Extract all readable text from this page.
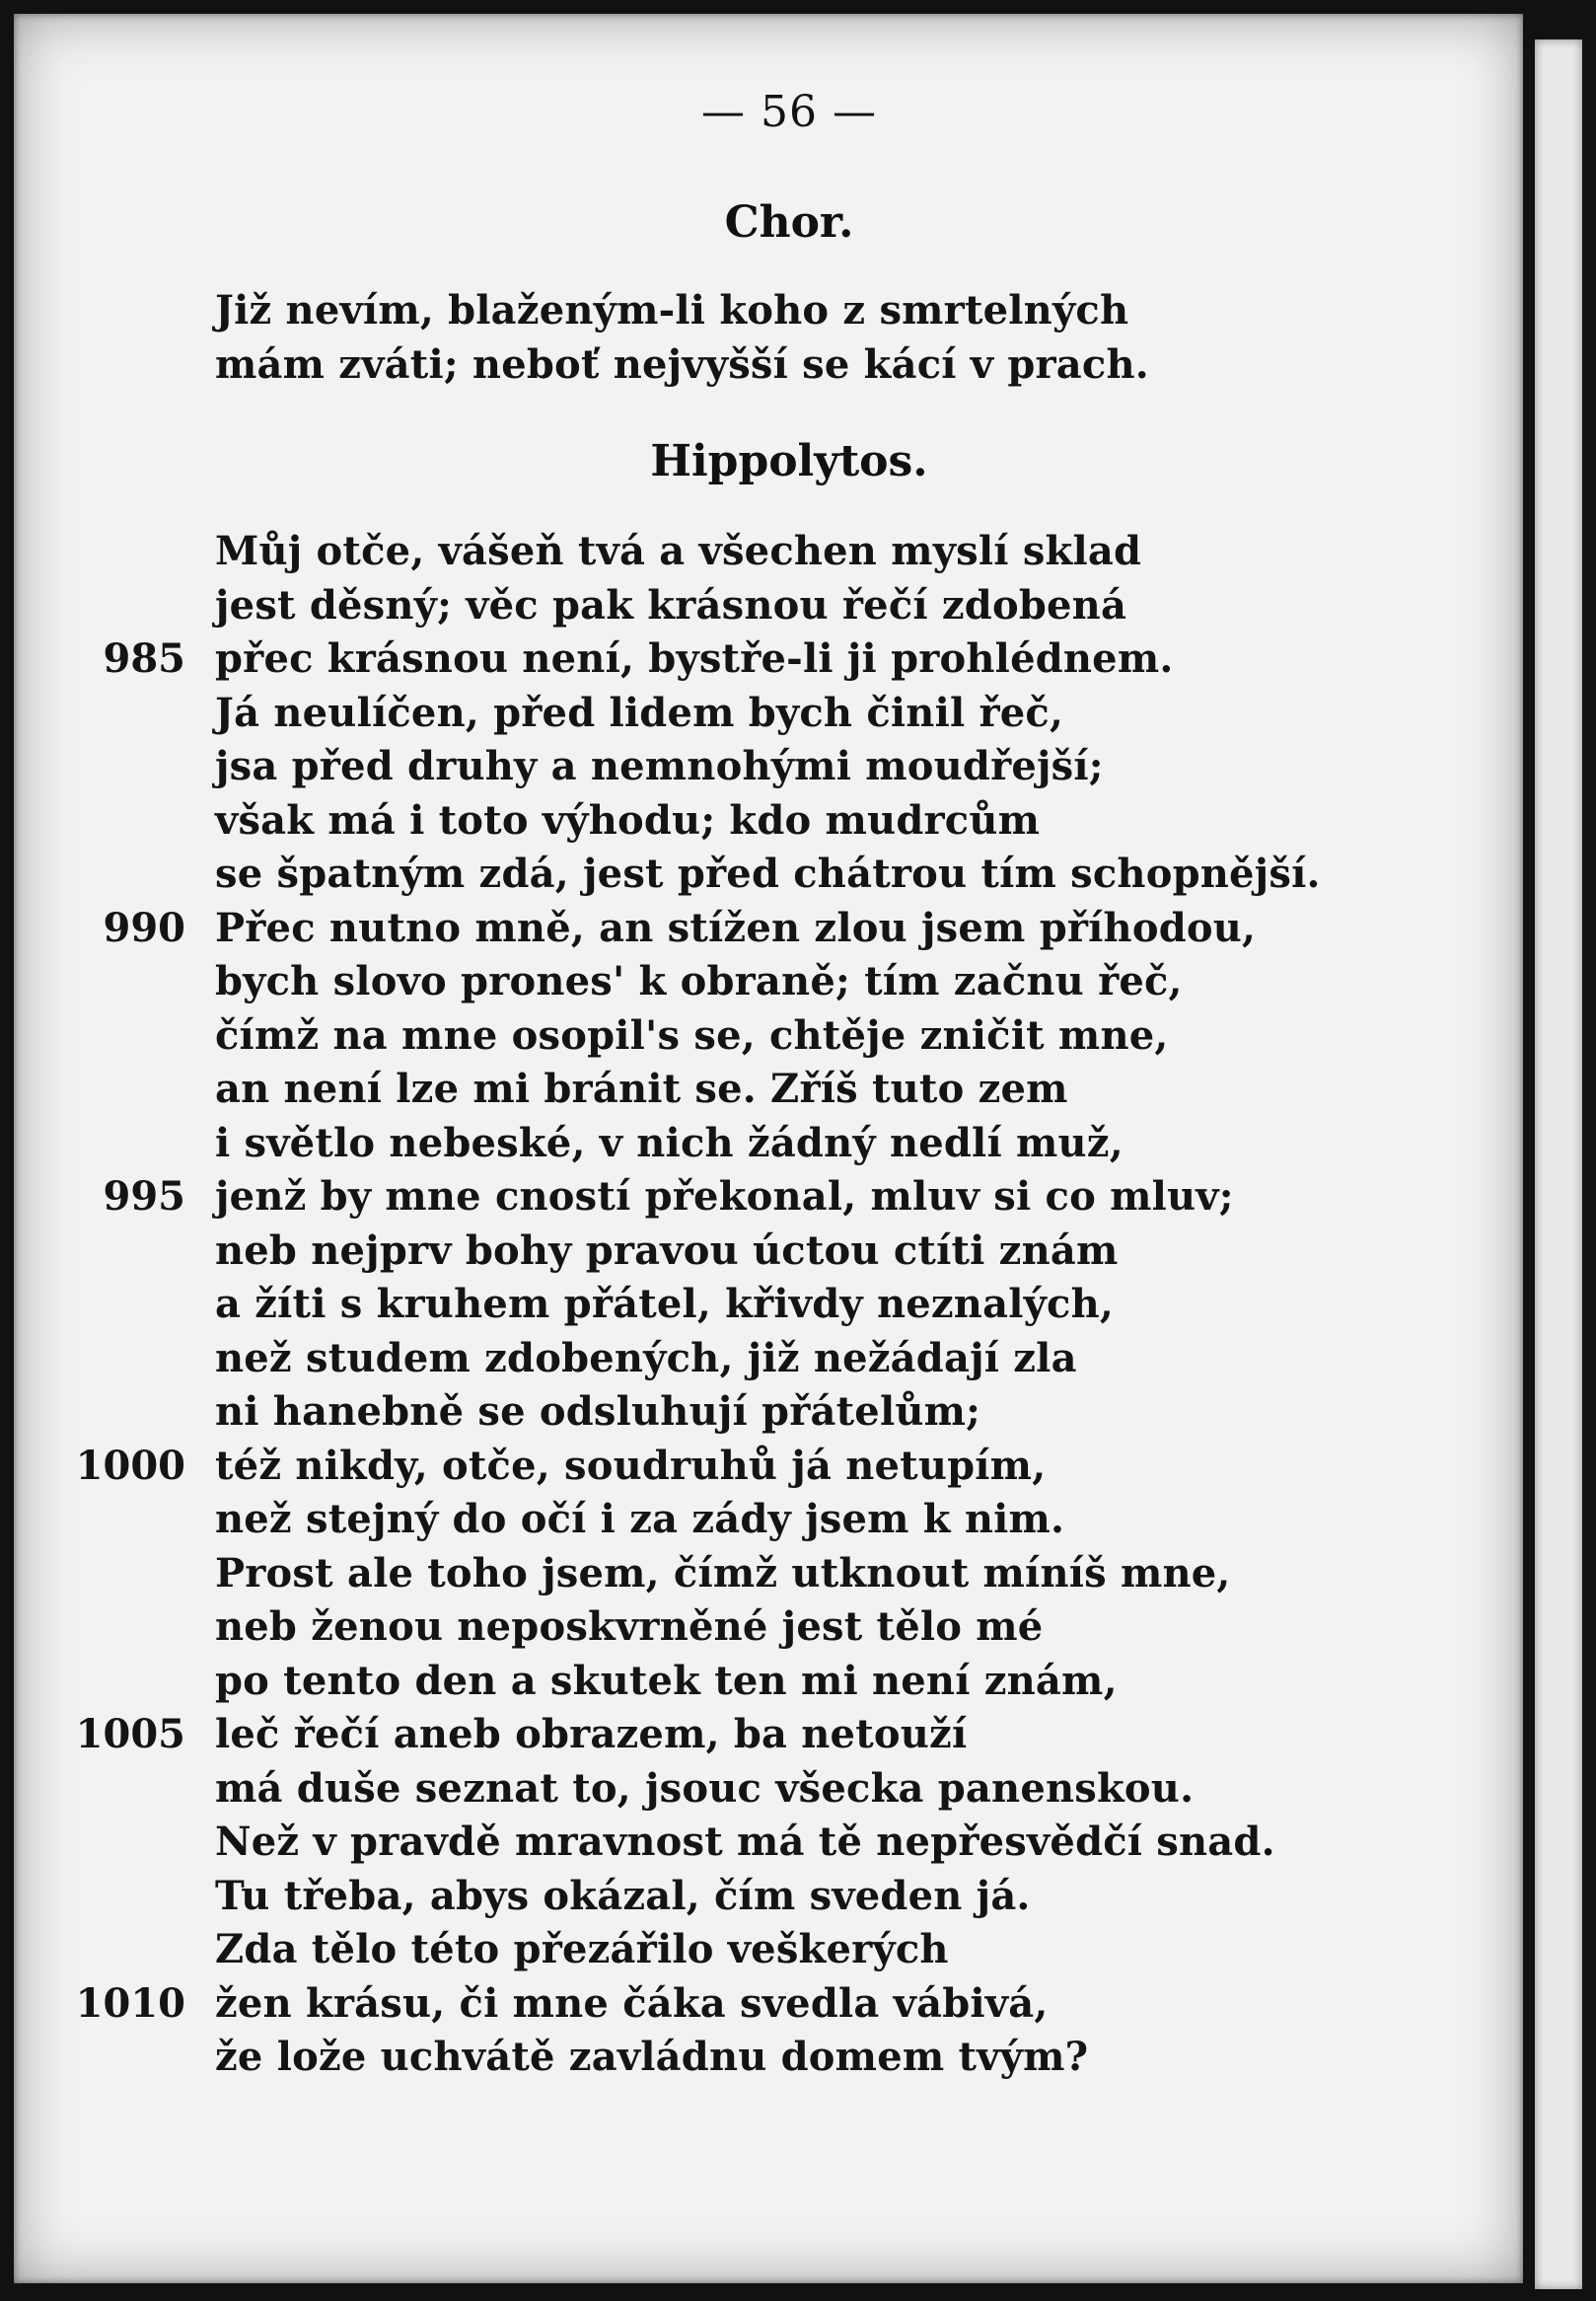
— 56 —
Chor.
Již nevím, blaženým-li koho z smrtelných
mám zváti; neboť nejvyšší se kácí v prach.
Hippolytos.
Můj otče, vášeň tvá a všechen myslí sklad
jest děsný; věc pak krásnou řečí zdobená
985 přec krásnou není, bystře-li ji prohlédnem.
Já neulíčen, před lidem bych činil řeč,
jsa před druhy a nemnohými moudřejší;
však má i toto výhodu; kdo mudrcům
se špatným zdá, jest před chátrou tím schopnější.
990 Přec nutno mně, an stížen zlou jsem příhodou,
bych slovo prones' k obraně; tím začnu řeč,
čímž na mne osopil's se, chtěje zničit mne,
an není lze mi bránit se. Zříš tuto zem
i světlo nebeské, v nich žádný nedlí muž,
995 jenž by mne cností překonal, mluv si co mluv;
neb nejprv bohy pravou úctou ctíti znám
a žíti s kruhem přátel, křivdy neznalých,
než studem zdobených, již nežádají zla
ni hanebně se odsluhují přátelům;
1000 též nikdy, otče, soudruhů já netupím,
než stejný do očí i za zády jsem k nim.
Prost ale toho jsem, čímž utknout míníš mne,
neb ženou neposkvrněné jest tělo mé
po tento den a skutek ten mi není znám,
1005 leč řečí aneb obrazem, ba netouží
má duše seznat to, jsouc všecka panenskou.
Než v pravdě mravnost má tě nepřesvědčí snad.
Tu třeba, abys okázal, čím sveden já.
Zda tělo této přezářilo veškerých
1010 žen krásu, či mne čáka svedla vábivá,
že lože uchvátě zavládnu domem tvým?
